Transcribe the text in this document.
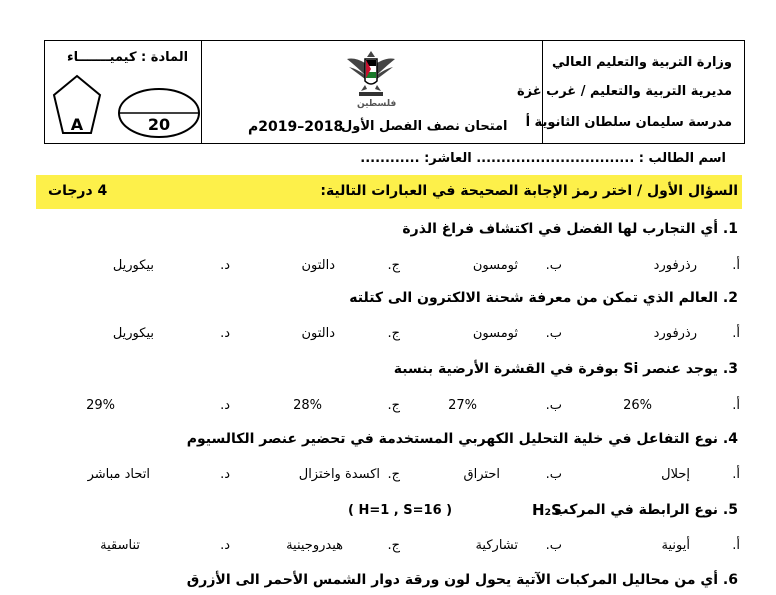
وزارة التربية والتعليم العالي
مديرية التربية والتعليم / غرب غزة
مدرسة سليمان سلطان الثانوية أ
فلسطين
2018–2019م
امتحان نصف الفصل الأول
المادة : كيميـــــــاء
A	20
اسم الطالب : ................................ العاشر: ............
السؤال الأول / اختر رمز الإجابة الصحيحة في العبارات التالية:
4 درجات
1. أي التجارب لها الفضل في اكتشاف فراغ الذرة
أ.
رذرفورد
ب.
ثومسون
ج.
دالتون
د.
بيكوريل
2. العالم الذي تمكن من معرفة شحنة الالكترون الى كتلته
أ.
رذرفورد
ب.
ثومسون
ج.
دالتون
د.
بيكوريل
3. يوجد عنصر Si بوفرة في القشرة الأرضية بنسبة
أ.
26%
ب.
27%
ج.
28%
د.
29%
4. نوع التفاعل في خلية التحليل الكهربي المستخدمة في تحضير عنصر الكالسيوم
أ.
إحلال
ب.
احتراق
ج.
اكسدة واختزال
د.
اتحاد مباشر
5. نوع الرابطة في المركب
H₂S
( H=1 , S=16 )
أ.
أيونية
ب.
تشاركية
ج.
هيدروجينية
د.
تناسقية
6. أي من محاليل المركبات الآتية يحول لون ورقة دوار الشمس الأحمر الى الأزرق
